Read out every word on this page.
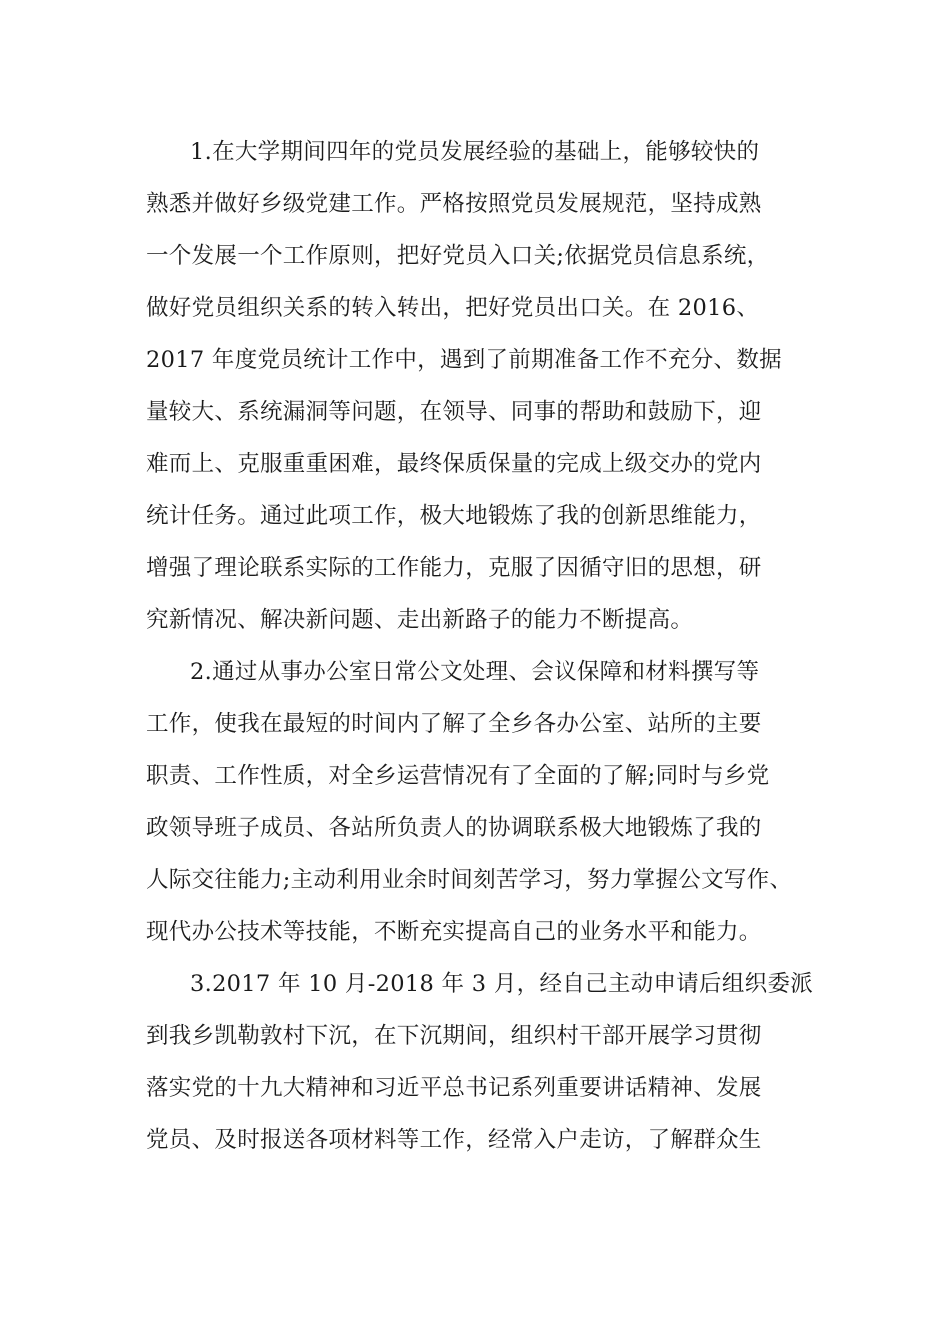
1.在大学期间四年的党员发展经验的基础上，能够较快的
熟悉并做好乡级党建工作。严格按照党员发展规范，坚持成熟
一个发展一个工作原则，把好党员入口关;依据党员信息系统，
做好党员组织关系的转入转出，把好党员出口关。在 2016、
2017 年度党员统计工作中，遇到了前期准备工作不充分、数据
量较大、系统漏洞等问题，在领导、同事的帮助和鼓励下，迎
难而上、克服重重困难，最终保质保量的完成上级交办的党内
统计任务。通过此项工作，极大地锻炼了我的创新思维能力，
增强了理论联系实际的工作能力，克服了因循守旧的思想，研
究新情况、解决新问题、走出新路子的能力不断提高。
2.通过从事办公室日常公文处理、会议保障和材料撰写等
工作，使我在最短的时间内了解了全乡各办公室、站所的主要
职责、工作性质，对全乡运营情况有了全面的了解;同时与乡党
政领导班子成员、各站所负责人的协调联系极大地锻炼了我的
人际交往能力;主动利用业余时间刻苦学习，努力掌握公文写作、
现代办公技术等技能，不断充实提高自己的业务水平和能力。
3.2017 年 10 月-2018 年 3 月，经自己主动申请后组织委派
到我乡凯勒敦村下沉，在下沉期间，组织村干部开展学习贯彻
落实党的十九大精神和习近平总书记系列重要讲话精神、发展
党员、及时报送各项材料等工作，经常入户走访，了解群众生
